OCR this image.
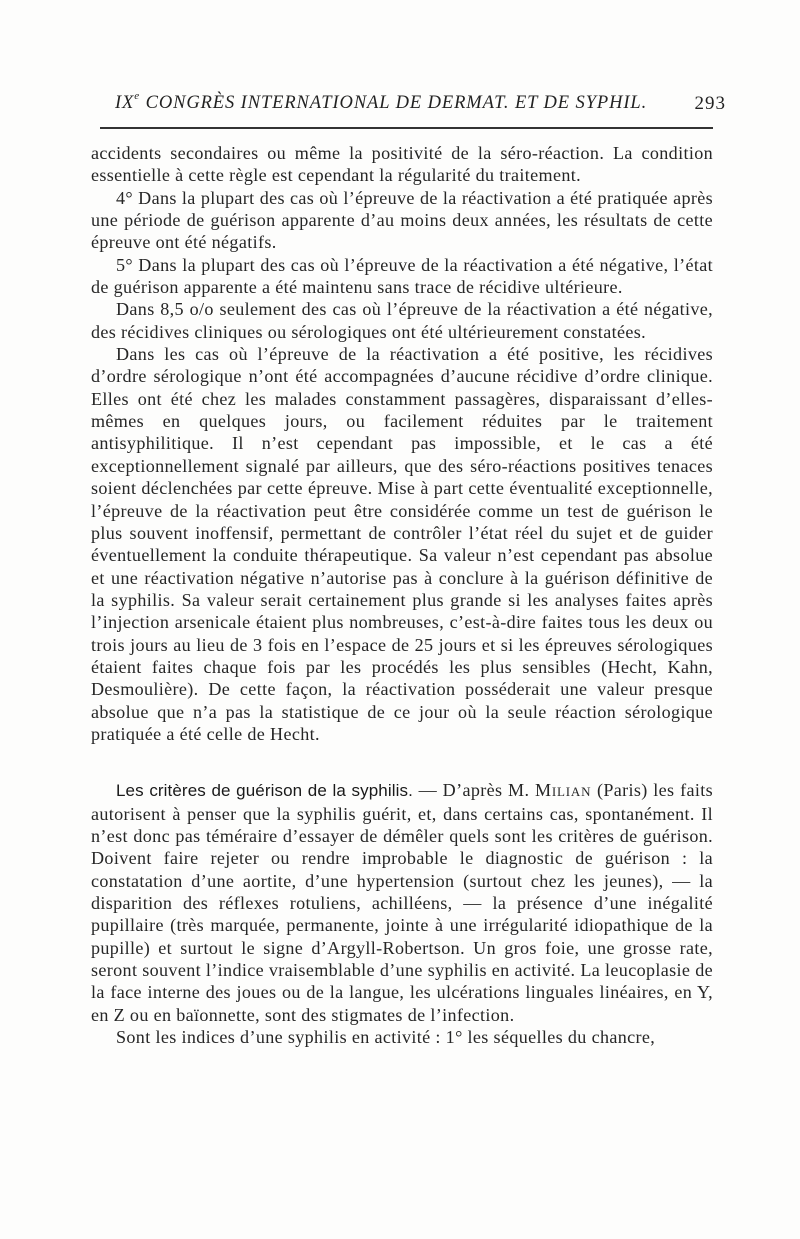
IXe CONGRÈS INTERNATIONAL DE DERMAT. ET DE SYPHIL. 293

accidents secondaires ou même la positivité de la séro-réaction. La condition essentielle à cette règle est cependant la régularité du traitement.

4° Dans la plupart des cas où l’épreuve de la réactivation a été pratiquée après une période de guérison apparente d’au moins deux années, les résultats de cette épreuve ont été négatifs.

5° Dans la plupart des cas où l’épreuve de la réactivation a été négative, l’état de guérison apparente a été maintenu sans trace de récidive ultérieure.

Dans 8,5 o/o seulement des cas où l’épreuve de la réactivation a été négative, des récidives cliniques ou sérologiques ont été ultérieurement constatées.

Dans les cas où l’épreuve de la réactivation a été positive, les récidives d’ordre sérologique n’ont été accompagnées d’aucune récidive d’ordre clinique. Elles ont été chez les malades constamment passagères, disparaissant d’elles-mêmes en quelques jours, ou facilement réduites par le traitement antisyphilitique. Il n’est cependant pas impossible, et le cas a été exceptionnellement signalé par ailleurs, que des séro-réactions positives tenaces soient déclenchées par cette épreuve. Mise à part cette éventualité exceptionnelle, l’épreuve de la réactivation peut être considérée comme un test de guérison le plus souvent inoffensif, permettant de contrôler l’état réel du sujet et de guider éventuellement la conduite thérapeutique. Sa valeur n’est cependant pas absolue et une réactivation négative n’autorise pas à conclure à la guérison définitive de la syphilis. Sa valeur serait certainement plus grande si les analyses faites après l’injection arsenicale étaient plus nombreuses, c’est-à-dire faites tous les deux ou trois jours au lieu de 3 fois en l’espace de 25 jours et si les épreuves sérologiques étaient faites chaque fois par les procédés les plus sensibles (Hecht, Kahn, Desmoulière). De cette façon, la réactivation posséderait une valeur presque absolue que n’a pas la statistique de ce jour où la seule réaction sérologique pratiquée a été celle de Hecht.

Les critères de guérison de la syphilis. — D’après M. Milian (Paris) les faits autorisent à penser que la syphilis guérit, et, dans certains cas, spontanément. Il n’est donc pas téméraire d’essayer de démêler quels sont les critères de guérison. Doivent faire rejeter ou rendre improbable le diagnostic de guérison : la constatation d’une aortite, d’une hypertension (surtout chez les jeunes), — la disparition des réflexes rotuliens, achilléens, — la présence d’une inégalité pupillaire (très marquée, permanente, jointe à une irrégularité idiopathique de la pupille) et surtout le signe d’Argyll-Robertson. Un gros foie, une grosse rate, seront souvent l’indice vraisemblable d’une syphilis en activité. La leucoplasie de la face interne des joues ou de la langue, les ulcérations linguales linéaires, en Y, en Z ou en baïonnette, sont des stigmates de l’infection.

Sont les indices d’une syphilis en activité : 1° les séquelles du chancre,
